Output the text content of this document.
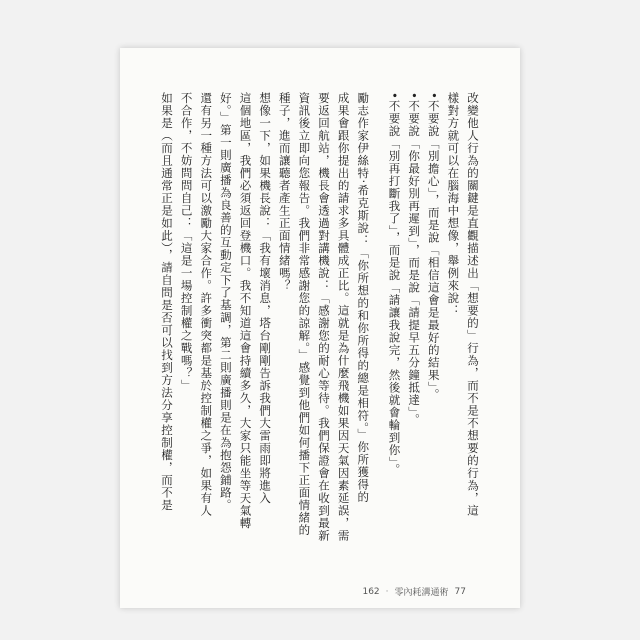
改變他人行為的關鍵是直觀描述出「想要的」行為，而不是不想要的行為，這
樣對方就可以在腦海中想像，舉例來說：
•不要說「別擔心」，而是說「相信這會是最好的結果」。
•不要說「你最好別再遲到」，而是說「請提早五分鐘抵達」。
•不要說「別再打斷我了」，而是說「請讓我說完，然後就會輪到你」。
勵志作家伊絲特‧希克斯說：「你所想的和你所得的總是相符。」你所獲得的
成果會跟你提出的請求多具體成正比。這就是為什麼飛機如果因天氣因素延誤，需
要返回航站，機長會透過對講機說：「感謝您的耐心等待。我們保證會在收到最新
資訊後立即向您報告。我們非常感謝您的諒解。」感覺到他們如何播下正面情緒的
種子，進而讓聽者產生正面情緒嗎？
想像一下，如果機長說：「我有壞消息，塔台剛剛告訴我們大雷雨即將進入
這個地區，我們必須返回登機口。我不知道這會持續多久，大家只能坐等天氣轉
好。」第一則廣播為良善的互動定下了基調，第二則廣播則是在為抱怨鋪路。
還有另一種方法可以激勵大家合作。許多衝突都是基於控制權之爭，如果有人
不合作，不妨問問自己：「這是一場控制權之戰嗎？」
如果是（而且通常正是如此），請自問是否可以找到方法分享控制權，而不是
162 · 零內耗溝通術 77
